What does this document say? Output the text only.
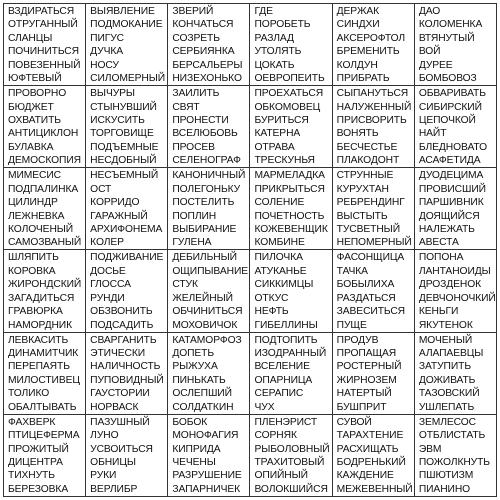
ВЗДИРАТЬСЯ
ОТРУГАННЫЙ
СЛАНЦЫ
ПОЧИНИТЬСЯ
ПОВЕЗЕННЫЙ
ЮФТЕВЫЙ
ВЫЯВЛЕНИЕ
ПОДМОКАНИЕ
ПИГУС
ДУЧКА
НОСУ
СИЛОМЕРНЫЙ
ЗВЕРИЙ
КОНЧАТЬСЯ
СОЗРЕТЬ
СЕРБИЯНКА
БЕРСАЛЬЕРЫ
НИЗЕХОНЬКО
ГДЕ
ПОРОБЕТЬ
РАЗЛАД
УТОЛЯТЬ
ЦОКАТЬ
ОЕВРОПЕИТЬ
ДЕРЖАК
СИНДХИ
АКСЕРОФТОЛ
БРЕМЕНИТЬ
КОЛДУН
ПРИБРАТЬ
ДАО
КОЛОМЕНКА
ВТЯНУТЫЙ
ВОЙ
ДУРЕЕ
БОМБОВОЗ
ПРОВОРНО
БЮДЖЕТ
ОХВАТИТЬ
АНТИЦИКЛОН
БУЛАВКА
ДЕМОСКОПИЯ
ВЫЧУРЫ
СТЫНУВШИЙ
ИСКУСИТЬ
ТОРГОВИЩЕ
ПОДЪЕМНЫЕ
НЕСДОБНЫЙ
ЗАИЛИТЬ
СВЯТ
ПРОНЕСТИ
ВСЕЛЮБОВЬ
ПРОСЕВ
СЕЛЕНОГРАФ
ПРОЕХАТЬСЯ
ОБКОМОВЕЦ
БУРИТЬСЯ
КАТЕРНА
ОТРАВА
ТРЕСКУНЬЯ
СЫПАНУТЬСЯ
НАЛУЖЕННЫЙ
ПРИСВОРИТЬ
ВОНЯТЬ
БЕСЧЕСТЬЕ
ПЛАКОДОНТ
ОБВАРИВАТЬ
СИБИРСКИЙ
ЦЕПОЧКОЙ
НАЙТ
БЛЕДНОВАТО
АСАФЕТИДА
МИМЕСИС
ПОДПАЛИНКА
ЦИЛИНДР
ЛЕЖНЕВКА
КОЛОЧЕНЫЙ
САМОЗВАНЫЙ
НЕСЪЕМНЫЙ
ОСТ
КОРРИДО
ГАРАЖНЫЙ
АРХИФОНЕМА
КОЛЕР
КАНОНИЧНЫЙ
ПОЛЕГОНЬКУ
ПОСТЕЛИТЬ
ПОПЛИН
ВЫБИРАНИЕ
ГУЛЕНА
МАРМЕЛАДКА
ПРИКРЫТЬСЯ
СОЛЕНИЕ
ПОЧЕТНОСТЬ
КОЖЕВЕНЩИК
КОМБИНЕ
СТРУННЫЕ
КУРУХТАН
РЕБРЕНДИНГ
ВЫСТЫТЬ
ТУСВЕТНЫЙ
НЕПОМЕРНЫЙ
ДУОДЕЦИМА
ПРОВИСШИЙ
ПАРШИВНИК
ДОЯЩИЙСЯ
НАЛЕЖАТЬ
АВЕСТА
ШЛЯПИТЬ
КОРОВКА
ЖИРОНДСКИЙ
ЗАГАДИТЬСЯ
ГРАВЮРКА
НАМОРДНИК
ПОДЖИВАНИЕ
ДОСЬЕ
ГЛОССА
РУНДИ
ОБЗВОНИТЬ
ПОДСАДИТЬ
ДЕБИЛЬНЫЙ
ОЩИПЫВАНИЕ
СТУК
ЖЕЛЕЙНЫЙ
ОБЧИНИТЬСЯ
МОХОВИЧОК
ПИЛОЧКА
АТУКАНЬЕ
СИККИМЦЫ
ОТКУС
НЕФТЬ
ГИБЕЛЛИНЫ
ФАСОНЩИЦА
ТАЧКА
БОБЫЛИХА
РАЗДАТЬСЯ
ЗАВЕСИТЬСЯ
ПУЩЕ
ПОПОНА
ЛАНТАНОИДЫ
ДРОЗДЕНОК
ДЕВЧОНОЧКИЙ
КЕНЬГИ
ЯКУТЕНОК
ЛЕВКАСИТЬ
ДИНАМИТЧИК
ПЕРЕПАЯТЬ
МИЛОСТИВЕЦ
ТОЛИКО
ОБАЛТЫВАТЬ
СВАРГАНИТЬ
ЭТИЧЕСКИ
НАЛИЧНОСТЬ
ПУПОВИДНЫЙ
ГАУСТОРИИ
НОРВАСК
КАТАМОРФОЗ
ДОПЕТЬ
РЫЖУХА
ПИНЬКАТЬ
ОСЛЕПШИЙ
СОЛДАТКИН
ПОДТОПИТЬ
ИЗОДРАННЫЙ
ВСЕЛЕНИЕ
ОПАРНИЦА
СЕРАПИС
ЧУХ
ПРОДУВ
ПРОПАЩАЯ
РОСТЕРНЫЙ
ЖИРНОЗЕМ
НАТЕРТЫЙ
БУШПРИТ
МОЧЕНЫЙ
АЛАПАЕВЦЫ
ЗАТУПИТЬ
ДОЖИВАТЬ
ТАЗОВСКИЙ
УШЛЕПАТЬ
ФАХВЕРК
ПТИЦЕФЕРМА
ПРОЖИТЫЙ
ДИЦЕНТРА
ТИХНУТЬ
БЕРЕЗОВКА
ПАЗУШНЫЙ
ЛУНО
УСВОИТЬСЯ
ОБНИЦЫ
РУКИ
ВЕРЛИБР
БОБОК
МОНОФАГИЯ
КИПРИДА
ЧЕЧЕНЫ
РАЗРУШЕНИЕ
ЗАПАРНИЧЕК
ПЛЕНЭРИСТ
СОРНЯК
РЫБОЛОВНЫЙ
ТРАХИТОВЫЙ
ОПИЙНЫЙ
ВОЛОКШИЙСЯ
СУВОЙ
ТАРАХТЕНИЕ
РАСХИЩАТЬ
БОДРЕНЬКИЙ
КАЖДЕНИЕ
МЕЖЕВЕННЫЙ
ЗЕМЛЕСОС
ОТБЛИСТАТЬ
ЭВМ
ПОЖОЛКНУТЬ
ПШЮТИЗМ
ПИАНИНО
